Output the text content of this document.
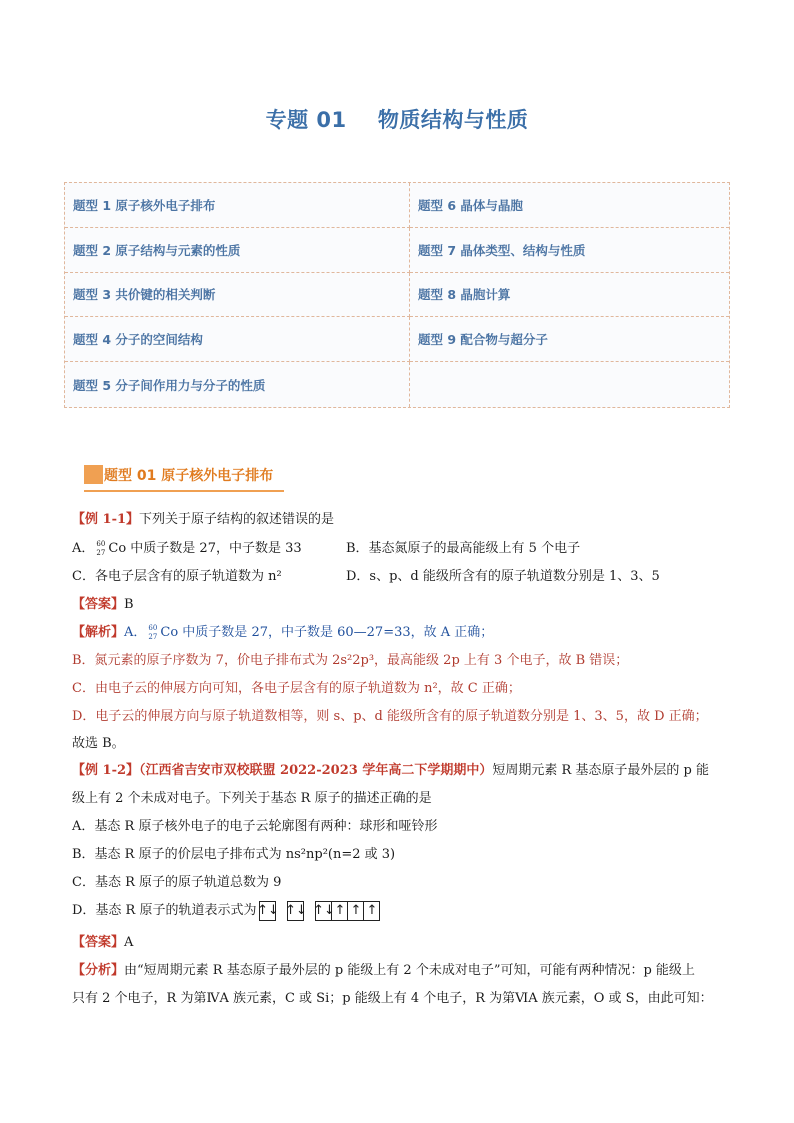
专题 01    物质结构与性质
题型 1 原子核外电子排布	题型 6 晶体与晶胞
题型 2 原子结构与元素的性质	题型 7 晶体类型、结构与性质
题型 3 共价键的相关判断	题型 8 晶胞计算
题型 4 分子的空间结构	题型 9 配合物与超分子
题型 5 分子间作用力与分子的性质
题型 01 原子核外电子排布
【例 1-1】下列关于原子结构的叙述错误的是
A． 60
27 Co 中质子数是 27，中子数是 33	B．基态氮原子的最高能级上有 5 个电子
C．各电子层含有的原子轨道数为 n²	D．s、p、d 能级所含有的原子轨道数分别是 1、3、5
【答案】B
【解析】A． 60
27 Co 中质子数是 27，中子数是 60—27=33，故 A 正确；
B．氮元素的原子序数为 7，价电子排布式为 2s²2p³，最高能级 2p 上有 3 个电子，故 B 错误；
C．由电子云的伸展方向可知，各电子层含有的原子轨道数为 n²，故 C 正确；
D．电子云的伸展方向与原子轨道数相等，则 s、p、d 能级所含有的原子轨道数分别是 1、3、5，故 D 正确；
故选 B。
【例 1-2】（江西省吉安市双校联盟 2022-2023 学年高二下学期期中）短周期元素 R 基态原子最外层的 p 能
级上有 2 个未成对电子。下列关于基态 R 原子的描述正确的是
A．基态 R 原子核外电子的电子云轮廓图有两种：球形和哑铃形
B．基态 R 原子的价层电子排布式为 ns²np²(n=2 或 3)
C．基态 R 原子的原子轨道总数为 9
D．基态 R 原子的轨道表示式为 ↑↓ ↑↓ ↑↓ ↑ ↑ ↑
【答案】A
【分析】由“短周期元素 R 基态原子最外层的 p 能级上有 2 个未成对电子”可知，可能有两种情况：p 能级上
只有 2 个电子，R 为第ⅣA 族元素，C 或 Si；p 能级上有 4 个电子，R 为第ⅥA 族元素，O 或 S，由此可知：
